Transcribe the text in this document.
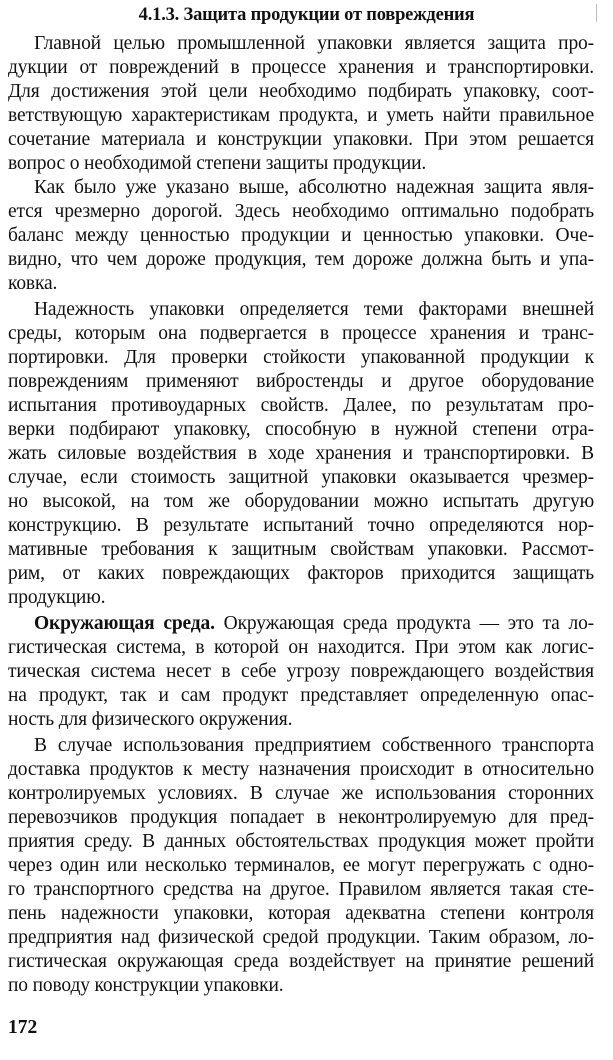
4.1.3. Защита продукции от повреждения
Главной целью промышленной упаковки является защита про-
дукции от повреждений в процессе хранения и транспортировки.
Для достижения этой цели необходимо подбирать упаковку, соот-
ветствующую характеристикам продукта, и уметь найти правильное
сочетание материала и конструкции упаковки. При этом решается
вопрос о необходимой степени защиты продукции.
Как было уже указано выше, абсолютно надежная защита явля-
ется чрезмерно дорогой. Здесь необходимо оптимально подобрать
баланс между ценностью продукции и ценностью упаковки. Оче-
видно, что чем дороже продукция, тем дороже должна быть и упа-
ковка.
Надежность упаковки определяется теми факторами внешней
среды, которым она подвергается в процессе хранения и транс-
портировки. Для проверки стойкости упакованной продукции к
повреждениям применяют вибростенды и другое оборудование
испытания противоударных свойств. Далее, по результатам про-
верки подбирают упаковку, способную в нужной степени отра-
жать силовые воздействия в ходе хранения и транспортировки. В
случае, если стоимость защитной упаковки оказывается чрезмер-
но высокой, на том же оборудовании можно испытать другую
конструкцию. В результате испытаний точно определяются нор-
мативные требования к защитным свойствам упаковки. Рассмот-
рим, от каких повреждающих факторов приходится защищать
продукцию.
Окружающая среда. Окружающая среда продукта — это та ло-
гистическая система, в которой он находится. При этом как логис-
тическая система несет в себе угрозу повреждающего воздействия
на продукт, так и сам продукт представляет определенную опас-
ность для физического окружения.
В случае использования предприятием собственного транспорта
доставка продуктов к месту назначения происходит в относительно
контролируемых условиях. В случае же использования сторонних
перевозчиков продукция попадает в неконтролируемую для пред-
приятия среду. В данных обстоятельствах продукция может пройти
через один или несколько терминалов, ее могут перегружать с одно-
го транспортного средства на другое. Правилом является такая сте-
пень надежности упаковки, которая адекватна степени контроля
предприятия над физической средой продукции. Таким образом, ло-
гистическая окружающая среда воздействует на принятие решений
по поводу конструкции упаковки.
172
